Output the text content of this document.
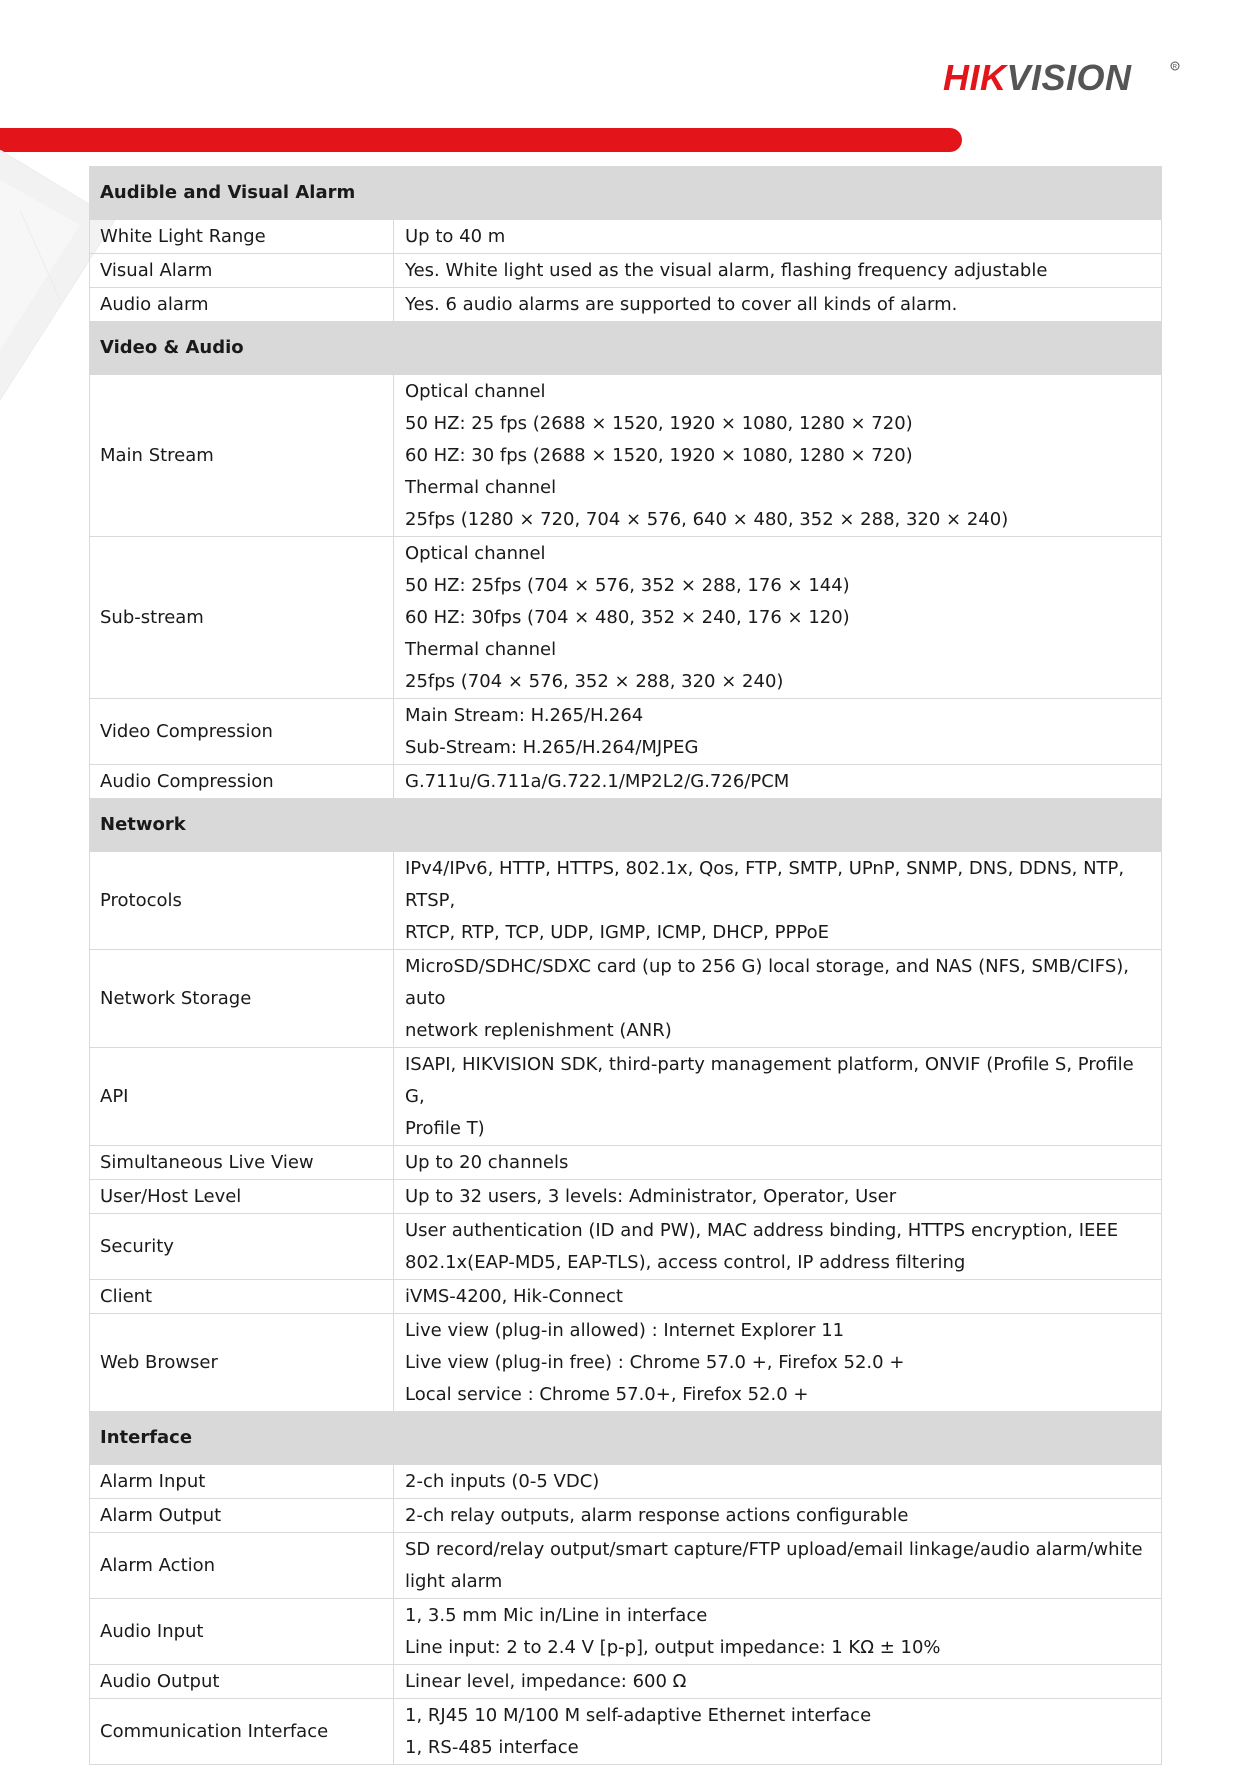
HIKVISION	R
Audible and Visual Alarm	
White Light Range	Up to 40 m

Visual Alarm	Yes. White light used as the visual alarm, flashing frequency adjustable

Audio alarm	Yes. 6 audio alarms are supported to cover all kinds of alarm.

Video & Audio	
Main Stream	Optical channel
50 HZ: 25 fps (2688 × 1520, 1920 × 1080, 1280 × 720)
60 HZ: 30 fps (2688 × 1520, 1920 × 1080, 1280 × 720)
Thermal channel
25fps (1280 × 720, 704 × 576, 640 × 480, 352 × 288, 320 × 240)

Sub-stream	Optical channel
50 HZ: 25fps (704 × 576, 352 × 288, 176 × 144)
60 HZ: 30fps (704 × 480, 352 × 240, 176 × 120)
Thermal channel
25fps (704 × 576, 352 × 288, 320 × 240)

Video Compression	Main Stream: H.265/H.264
Sub-Stream: H.265/H.264/MJPEG

Audio Compression	G.711u/G.711a/G.722.1/MP2L2/G.726/PCM

Network	
Protocols	IPv4/IPv6, HTTP, HTTPS, 802.1x, Qos, FTP, SMTP, UPnP, SNMP, DNS, DDNS, NTP, RTSP,
RTCP, RTP, TCP, UDP, IGMP, ICMP, DHCP, PPPoE

Network Storage	MicroSD/SDHC/SDXC card (up to 256 G) local storage, and NAS (NFS, SMB/CIFS), auto
network replenishment (ANR)

API	ISAPI, HIKVISION SDK, third-party management platform, ONVIF (Profile S, Profile G,
Profile T)

Simultaneous Live View	Up to 20 channels

User/Host Level	Up to 32 users, 3 levels: Administrator, Operator, User

Security	User authentication (ID and PW), MAC address binding, HTTPS encryption, IEEE
802.1x(EAP-MD5, EAP-TLS), access control, IP address filtering

Client	iVMS-4200, Hik-Connect

Web Browser	Live view (plug-in allowed) : Internet Explorer 11
Live view (plug-in free) : Chrome 57.0 +, Firefox 52.0 +
Local service : Chrome 57.0+, Firefox 52.0 +

Interface	
Alarm Input	2-ch inputs (0-5 VDC)

Alarm Output	2-ch relay outputs, alarm response actions configurable

Alarm Action	SD record/relay output/smart capture/FTP upload/email linkage/audio alarm/white
light alarm

Audio Input	1, 3.5 mm Mic in/Line in interface
Line input: 2 to 2.4 V [p-p], output impedance: 1 KΩ ± 10%

Audio Output	Linear level, impedance: 600 Ω

Communication Interface	1, RJ45 10 M/100 M self-adaptive Ethernet interface
1, RS-485 interface
